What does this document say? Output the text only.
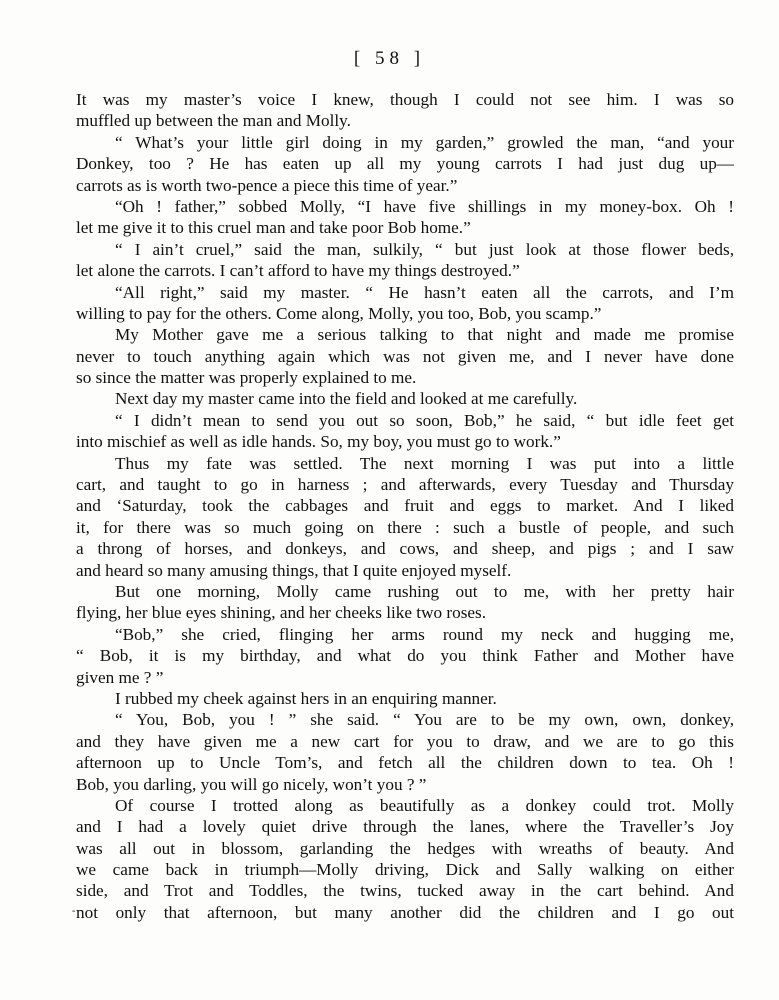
[ 58 ]
It was my master’s voice I knew, though I could not see him. I was so
muffled up between the man and Molly.
“ What’s your little girl doing in my garden,” growled the man, “and your
Donkey, too ? He has eaten up all my young carrots I had just dug up—
carrots as is worth two-pence a piece this time of year.”
“Oh ! father,” sobbed Molly, “I have five shillings in my money-box. Oh !
let me give it to this cruel man and take poor Bob home.”
“ I ain’t cruel,” said the man, sulkily, “ but just look at those flower beds,
let alone the carrots. I can’t afford to have my things destroyed.”
“All right,” said my master. “ He hasn’t eaten all the carrots, and I’m
willing to pay for the others. Come along, Molly, you too, Bob, you scamp.”
My Mother gave me a serious talking to that night and made me promise
never to touch anything again which was not given me, and I never have done
so since the matter was properly explained to me.
Next day my master came into the field and looked at me carefully.
“ I didn’t mean to send you out so soon, Bob,” he said, “ but idle feet get
into mischief as well as idle hands. So, my boy, you must go to work.”
Thus my fate was settled. The next morning I was put into a little
cart, and taught to go in harness ; and afterwards, every Tuesday and Thursday
and ‘Saturday, took the cabbages and fruit and eggs to market. And I liked
it, for there was so much going on there : such a bustle of people, and such
a throng of horses, and donkeys, and cows, and sheep, and pigs ; and I saw
and heard so many amusing things, that I quite enjoyed myself.
But one morning, Molly came rushing out to me, with her pretty hair
flying, her blue eyes shining, and her cheeks like two roses.
“Bob,” she cried, flinging her arms round my neck and hugging me,
“ Bob, it is my birthday, and what do you think Father and Mother have
given me ? ”
I rubbed my cheek against hers in an enquiring manner.
“ You, Bob, you ! ” she said. “ You are to be my own, own, donkey,
and they have given me a new cart for you to draw, and we are to go this
afternoon up to Uncle Tom’s, and fetch all the children down to tea. Oh !
Bob, you darling, you will go nicely, won’t you ? ”
Of course I trotted along as beautifully as a donkey could trot. Molly
and I had a lovely quiet drive through the lanes, where the Traveller’s Joy
was all out in blossom, garlanding the hedges with wreaths of beauty. And
we came back in triumph—Molly driving, Dick and Sally walking on either
side, and Trot and Toddles, the twins, tucked away in the cart behind. And
not only that afternoon, but many another did the children and I go out
-
